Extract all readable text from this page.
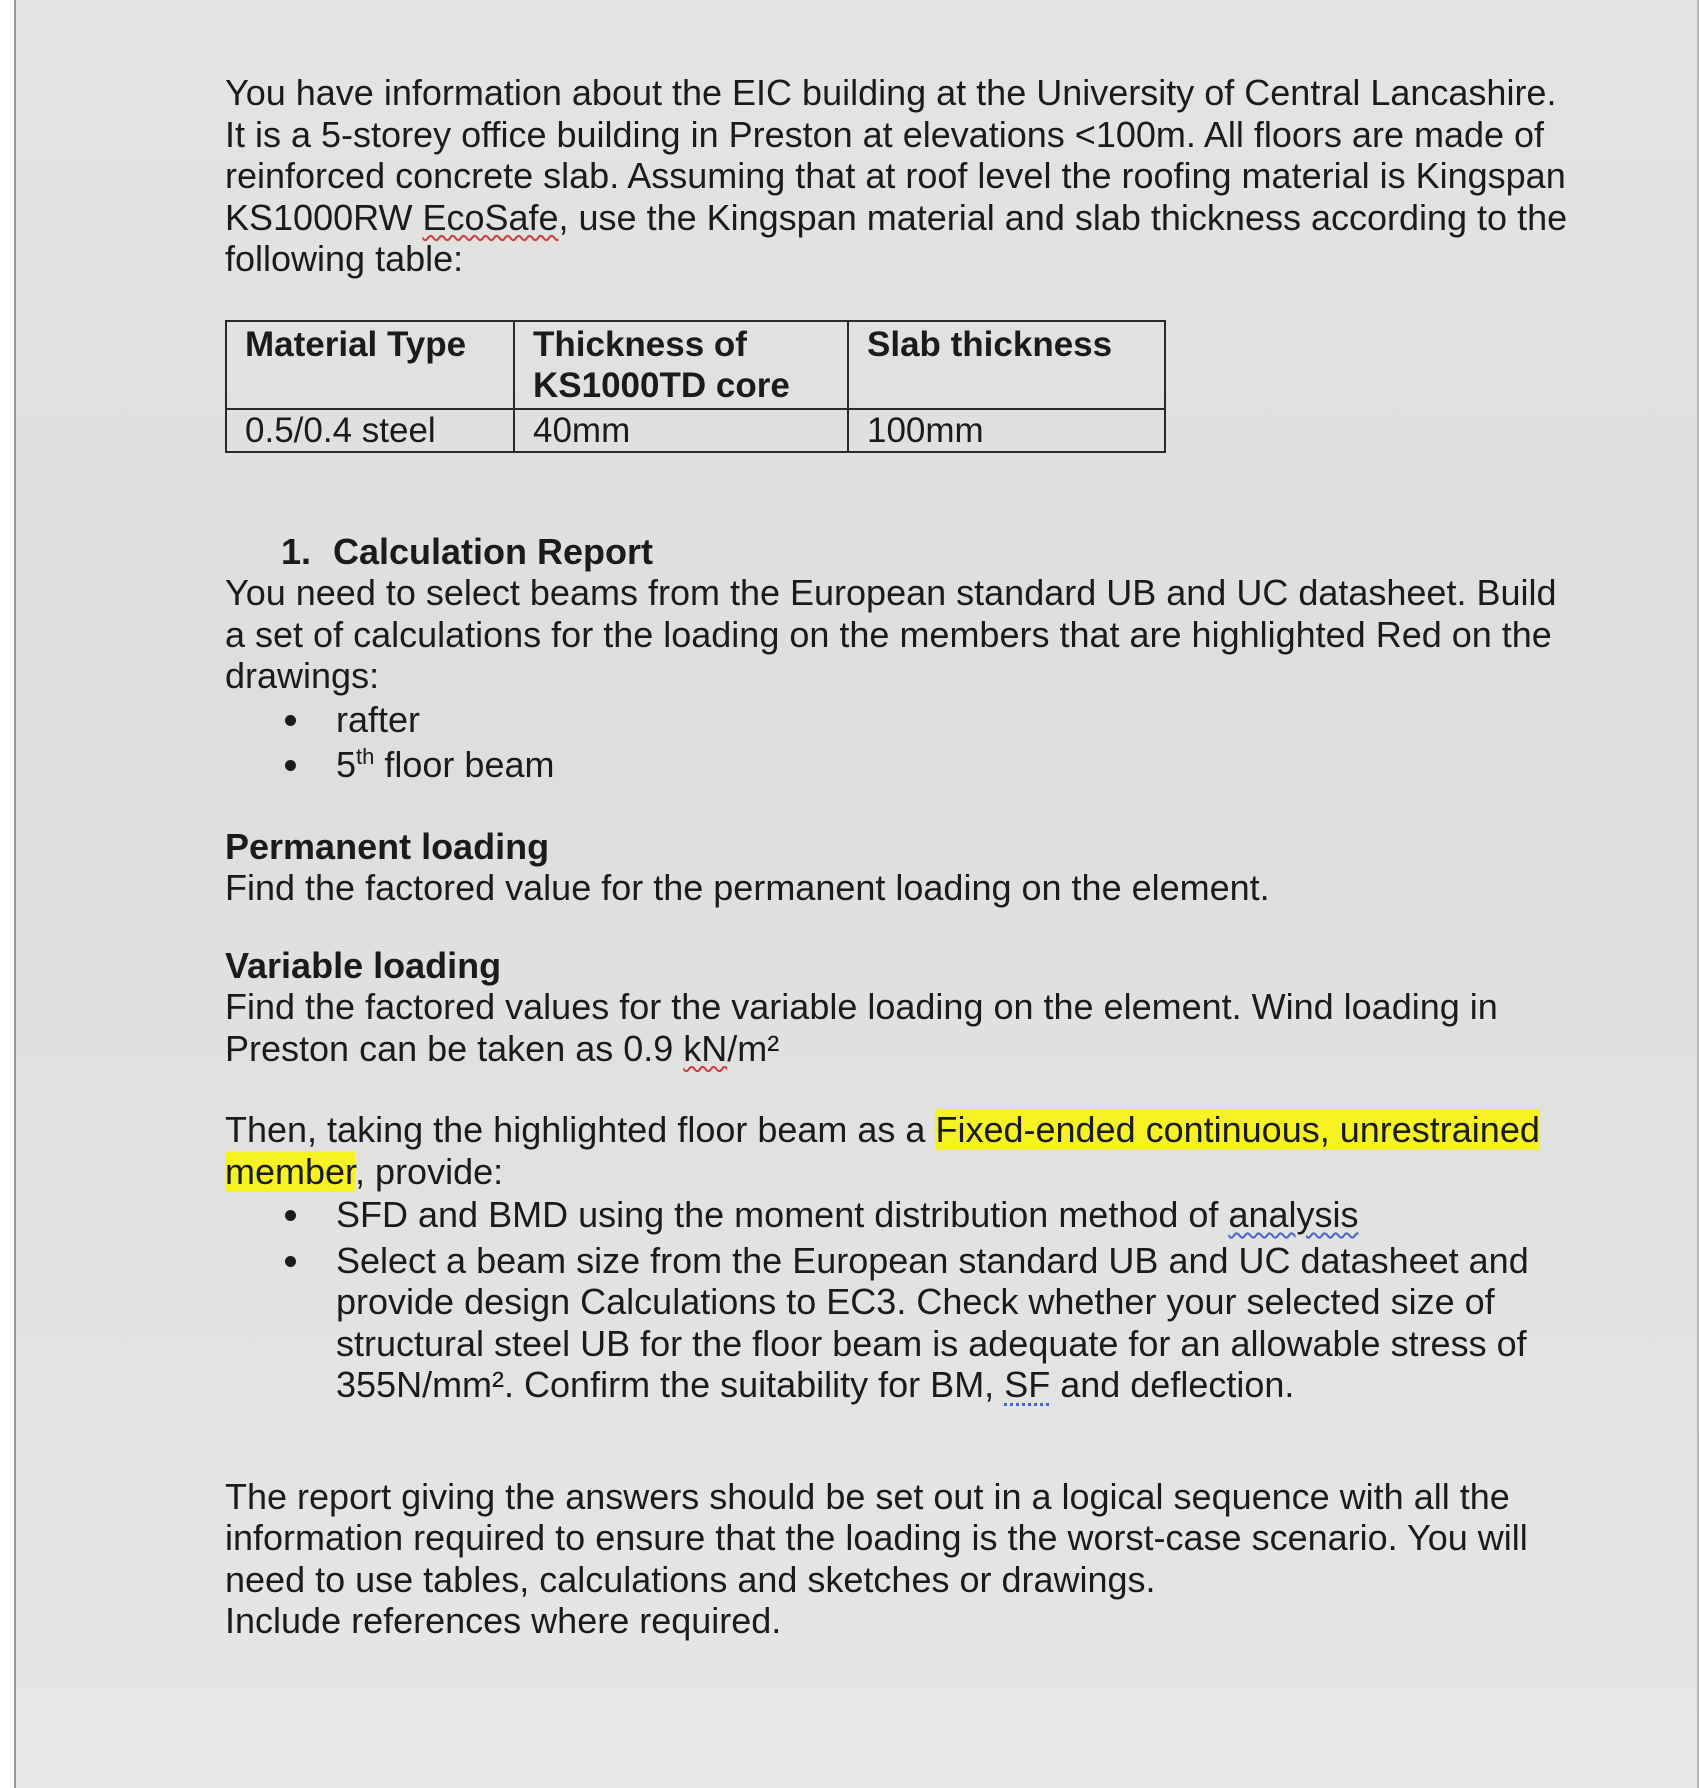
You have information about the EIC building at the University of Central Lancashire. It is a 5-storey office building in Preston at elevations <100m. All floors are made of reinforced concrete slab. Assuming that at roof level the roofing material is Kingspan KS1000RW EcoSafe, use the Kingspan material and slab thickness according to the following table:

Material Type	Thickness of KS1000TD core	Slab thickness
0.5/0.4 steel	40mm	100mm

1. Calculation Report

You need to select beams from the European standard UB and UC datasheet. Build a set of calculations for the loading on the members that are highlighted Red on the drawings:

rafter
5th floor beam

Permanent loading

Find the factored value for the permanent loading on the element.

Variable loading

Find the factored values for the variable loading on the element. Wind loading in Preston can be taken as 0.9 kN/m²

Then, taking the highlighted floor beam as a Fixed-ended continuous, unrestrained member, provide:

SFD and BMD using the moment distribution method of analysis
Select a beam size from the European standard UB and UC datasheet and provide design Calculations to EC3. Check whether your selected size of structural steel UB for the floor beam is adequate for an allowable stress of 355N/mm². Confirm the suitability for BM, SF and deflection.

The report giving the answers should be set out in a logical sequence with all the information required to ensure that the loading is the worst-case scenario. You will need to use tables, calculations and sketches or drawings.

Include references where required.
